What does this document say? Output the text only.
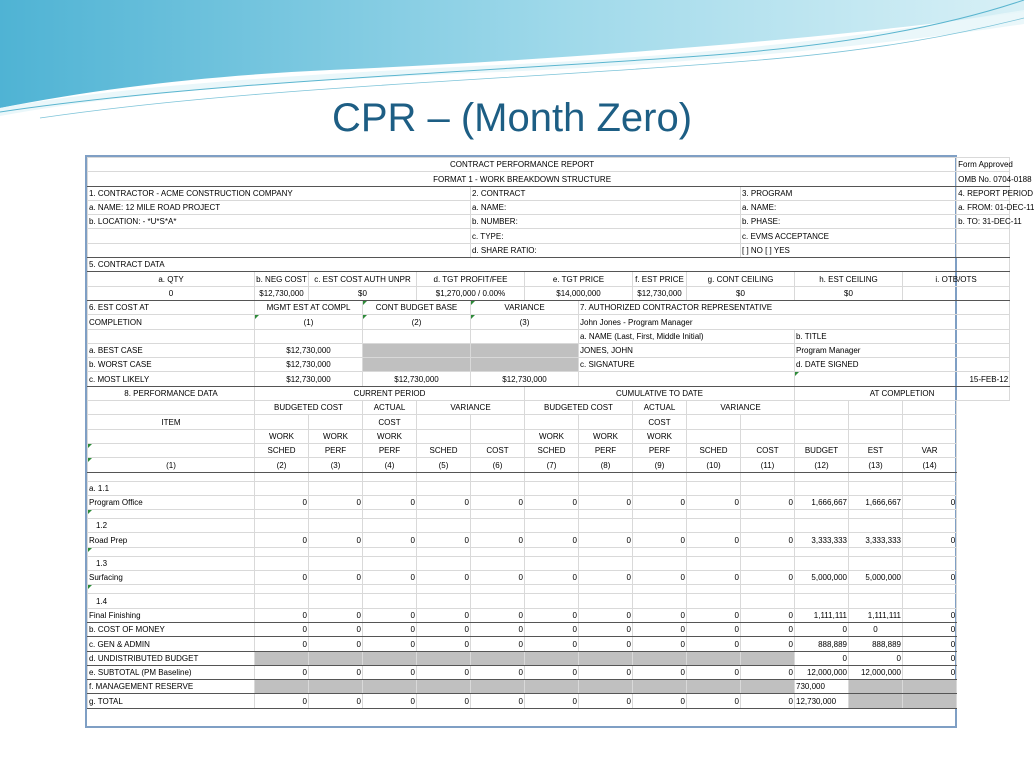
CPR – (Month Zero)
CONTRACT PERFORMANCE REPORT														Form Approved
FORMAT 1 - WORK BREAKDOWN STRUCTURE														OMB No. 0704-0188
1. CONTRACTOR - ACME CONSTRUCTION COMPANY					2. CONTRACT					3. PROGRAM				4. REPORT PERIOD
a. NAME: 12 MILE ROAD PROJECT					a. NAME:					a. NAME:				a. FROM: 01-DEC-11
b. LOCATION: - *U*S*A*					b. NUMBER:					b. PHASE:				b. TO: 31-DEC-11
					c. TYPE:					c. EVMS ACCEPTANCE				
					d. SHARE RATIO:					[ ] NO [ ] YES				
5. CONTRACT DATA														
a. QTY	b. NEG COST	c. EST COST AUTH UNPR		d. TGT PROFIT/FEE		e. TGT PRICE		f. EST PRICE	g. CONT CEILING		h. EST CEILING		i. OTB/OTS	
0	$12,730,000	$0		$1,270,000 / 0.00%		$14,000,000		$12,730,000	$0		$0			
6. EST COST AT	MGMT EST AT COMPL		CONT BUDGET BASE		VARIANCE		7. AUTHORIZED CONTRACTOR REPRESENTATIVE							
COMPLETION	(1)		(2)		(3)		John Jones - Program Manager							
							a. NAME (Last, First, Middle Initial)				b. TITLE			
a. BEST CASE	$12,730,000						JONES, JOHN				Program Manager			
b. WORST CASE	$12,730,000						c. SIGNATURE				d. DATE SIGNED			
c. MOST LIKELY	$12,730,000		$12,730,000		$12,730,000						15-FEB-12			
8. PERFORMANCE DATA	CURRENT PERIOD					CUMULATIVE TO DATE					AT COMPLETION			
	BUDGETED COST		ACTUAL	VARIANCE		BUDGETED COST		ACTUAL	VARIANCE					
ITEM			COST					COST						
	WORK	WORK	WORK			WORK	WORK	WORK						
	SCHED	PERF	PERF	SCHED	COST	SCHED	PERF	PERF	SCHED	COST	BUDGET	EST	VAR	
(1)	(2)	(3)	(4)	(5)	(6)	(7)	(8)	(9)	(10)	(11)	(12)	(13)	(14)	

a. 1.1														
Program Office	0	0	0	0	0	0	0	0	0	0	1,666,667	1,666,667	0	

1.2														
Road Prep	0	0	0	0	0	0	0	0	0	0	3,333,333	3,333,333	0	

1.3														
Surfacing	0	0	0	0	0	0	0	0	0	0	5,000,000	5,000,000	0	

1.4														
Final Finishing	0	0	0	0	0	0	0	0	0	0	1,111,111	1,111,111	0	
b. COST OF MONEY	0	0	0	0	0	0	0	0	0	0	0	0	0	
c. GEN & ADMIN	0	0	0	0	0	0	0	0	0	0	888,889	888,889	0	
d. UNDISTRIBUTED BUDGET											0	0	0	
e. SUBTOTAL (PM Baseline)	0	0	0	0	0	0	0	0	0	0	12,000,000	12,000,000	0	
f. MANAGEMENT RESERVE											730,000			
g. TOTAL	0	0	0	0	0	0	0	0	0	0	12,730,000			
